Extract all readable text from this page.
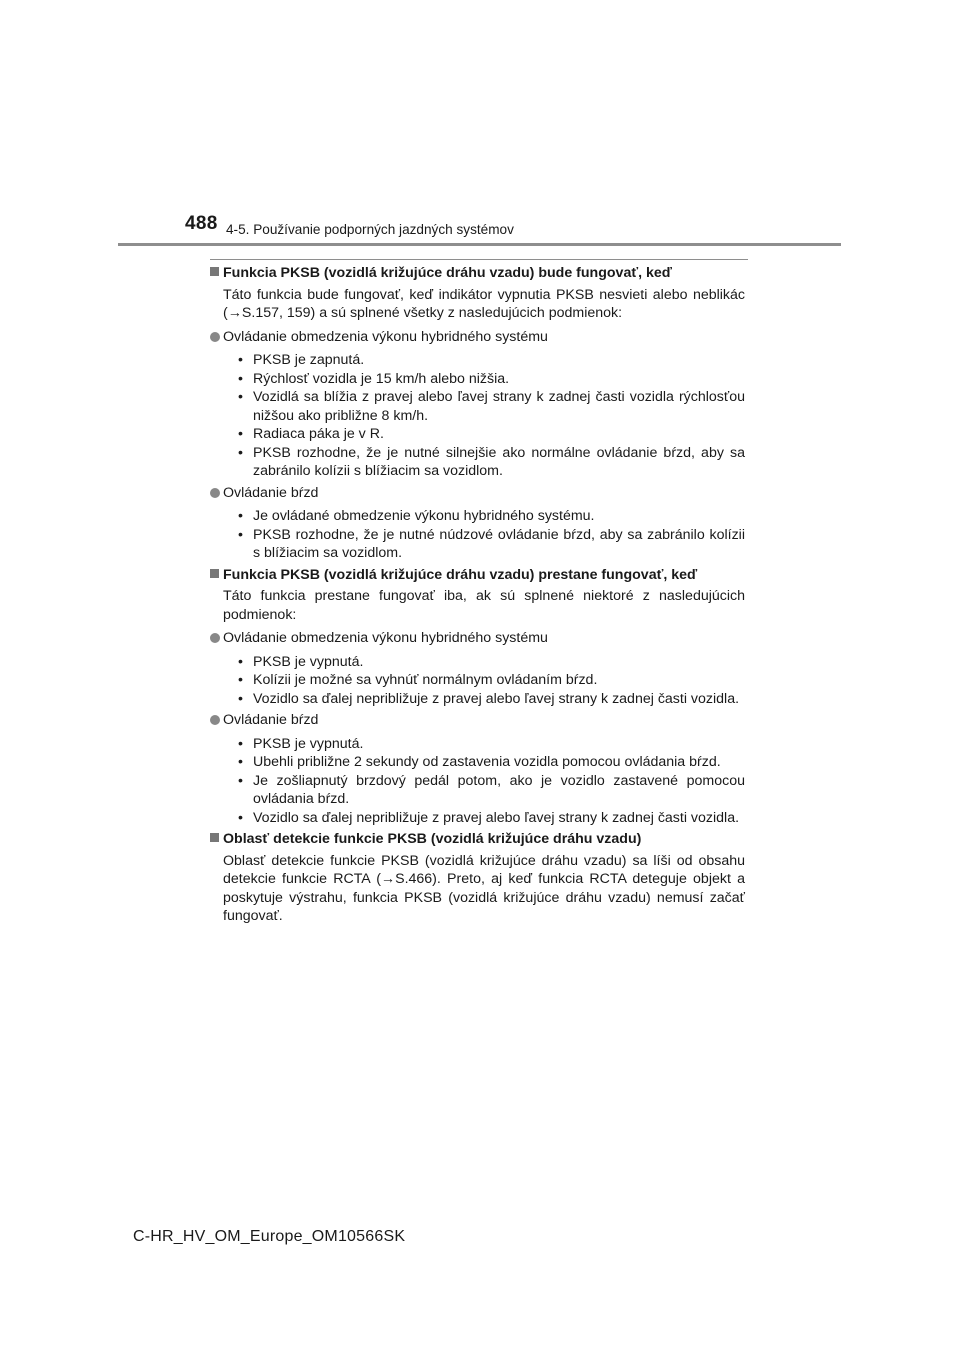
488 4-5. Používanie podporných jazdných systémov
Funkcia PKSB (vozidlá križujúce dráhu vzadu) bude fungovať, keď
Táto funkcia bude fungovať, keď indikátor vypnutia PKSB nesvieti alebo neblikác (→S.157, 159) a sú splnené všetky z nasledujúcich podmienok:
Ovládanie obmedzenia výkonu hybridného systému
• PKSB je zapnutá.
• Rýchlosť vozidla je 15 km/h alebo nižšia.
• Vozidlá sa blížia z pravej alebo ľavej strany k zadnej časti vozidla rýchlosťou nižšou ako približne 8 km/h.
• Radiaca páka je v R.
• PKSB rozhodne, že je nutné silnejšie ako normálne ovládanie bŕzd, aby sa zabránilo kolízii s blížiacim sa vozidlom.
Ovládanie bŕzd
• Je ovládané obmedzenie výkonu hybridného systému.
• PKSB rozhodne, že je nutné núdzové ovládanie bŕzd, aby sa zabránilo kolízii s blížiacim sa vozidlom.
Funkcia PKSB (vozidlá križujúce dráhu vzadu) prestane fungovať, keď
Táto funkcia prestane fungovať iba, ak sú splnené niektoré z nasledujúcich podmienok:
Ovládanie obmedzenia výkonu hybridného systému
• PKSB je vypnutá.
• Kolízii je možné sa vyhnúť normálnym ovládaním bŕzd.
• Vozidlo sa ďalej nepribližuje z pravej alebo ľavej strany k zadnej časti vozidla.
Ovládanie bŕzd
• PKSB je vypnutá.
• Ubehli približne 2 sekundy od zastavenia vozidla pomocou ovládania bŕzd.
• Je zošliapnutý brzdový pedál potom, ako je vozidlo zastavené pomocou ovládania bŕzd.
• Vozidlo sa ďalej nepribližuje z pravej alebo ľavej strany k zadnej časti vozidla.
Oblasť detekcie funkcie PKSB (vozidlá križujúce dráhu vzadu)
Oblasť detekcie funkcie PKSB (vozidlá križujúce dráhu vzadu) sa líši od obsahu detekcie funkcie RCTA (→S.466). Preto, aj keď funkcia RCTA deteguje objekt a poskytuje výstrahu, funkcia PKSB (vozidlá križujúce dráhu vzadu) nemusí začať fungovať.
C-HR_HV_OM_Europe_OM10566SK
